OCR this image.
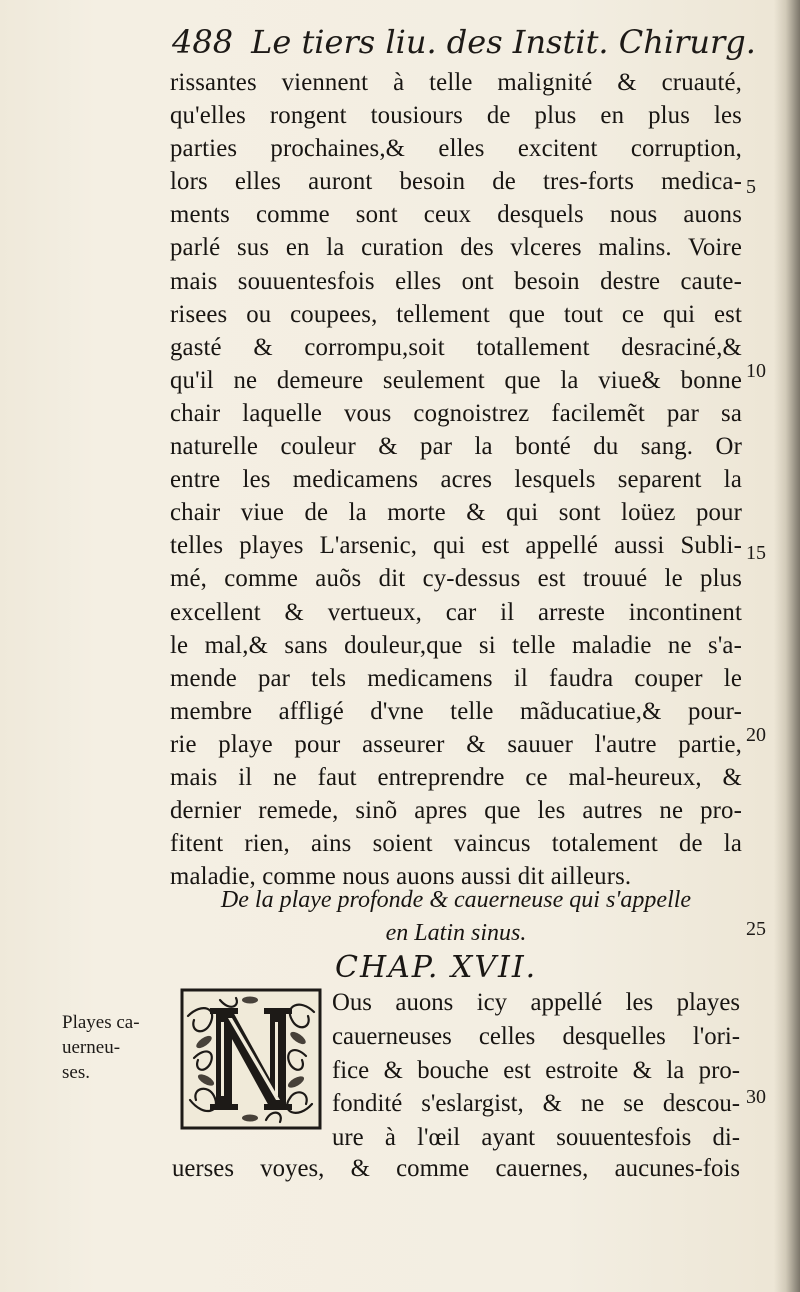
488 Le tiers liu. des Instit. Chirurg.
rissantes viennent à telle malignité & cruauté,
qu'elles rongent tousiours de plus en plus les
parties prochaines,& elles excitent corruption,
lors elles auront besoin de tres-forts medica-
ments comme sont ceux desquels nous auons
parlé sus en la curation des vlceres malins. Voire
mais souuentesfois elles ont besoin destre caute-
risees ou coupees, tellement que tout ce qui est
gasté & corrompu,soit totallement desraciné,&
qu'il ne demeure seulement que la viue& bonne
chair laquelle vous cognoistrez facilemẽt par sa
naturelle couleur & par la bonté du sang. Or
entre les medicamens acres lesquels separent la
chair viue de la morte & qui sont loüez pour
telles playes L'arsenic, qui est appellé aussi Subli-
mé, comme auõs dit cy-dessus est trouué le plus
excellent & vertueux, car il arreste incontinent
le mal,& sans douleur,que si telle maladie ne s'a-
mende par tels medicamens il faudra couper le
membre affligé d'vne telle mãducatiue,& pour-
rie playe pour asseurer & sauuer l'autre partie,
mais il ne faut entreprendre ce mal-heureux, &
dernier remede, sinõ apres que les autres ne pro-
fitent rien, ains soient vaincus totalement de la
maladie, comme nous auons aussi dit ailleurs.
De la playe profonde & cauerneuse qui s'appelle
en Latin sinus.
CHAP. XVII.
Ous auons icy appellé les playes
cauerneuses celles desquelles l'ori-
fice & bouche est estroite & la pro-
fondité s'eslargist, & ne se descou-
ure à l'œil ayant souuentesfois di-
uerses voyes, & comme cauernes, aucunes-fois
Playes ca-
uerneu-
ses.
5
10
15
20
25
30
